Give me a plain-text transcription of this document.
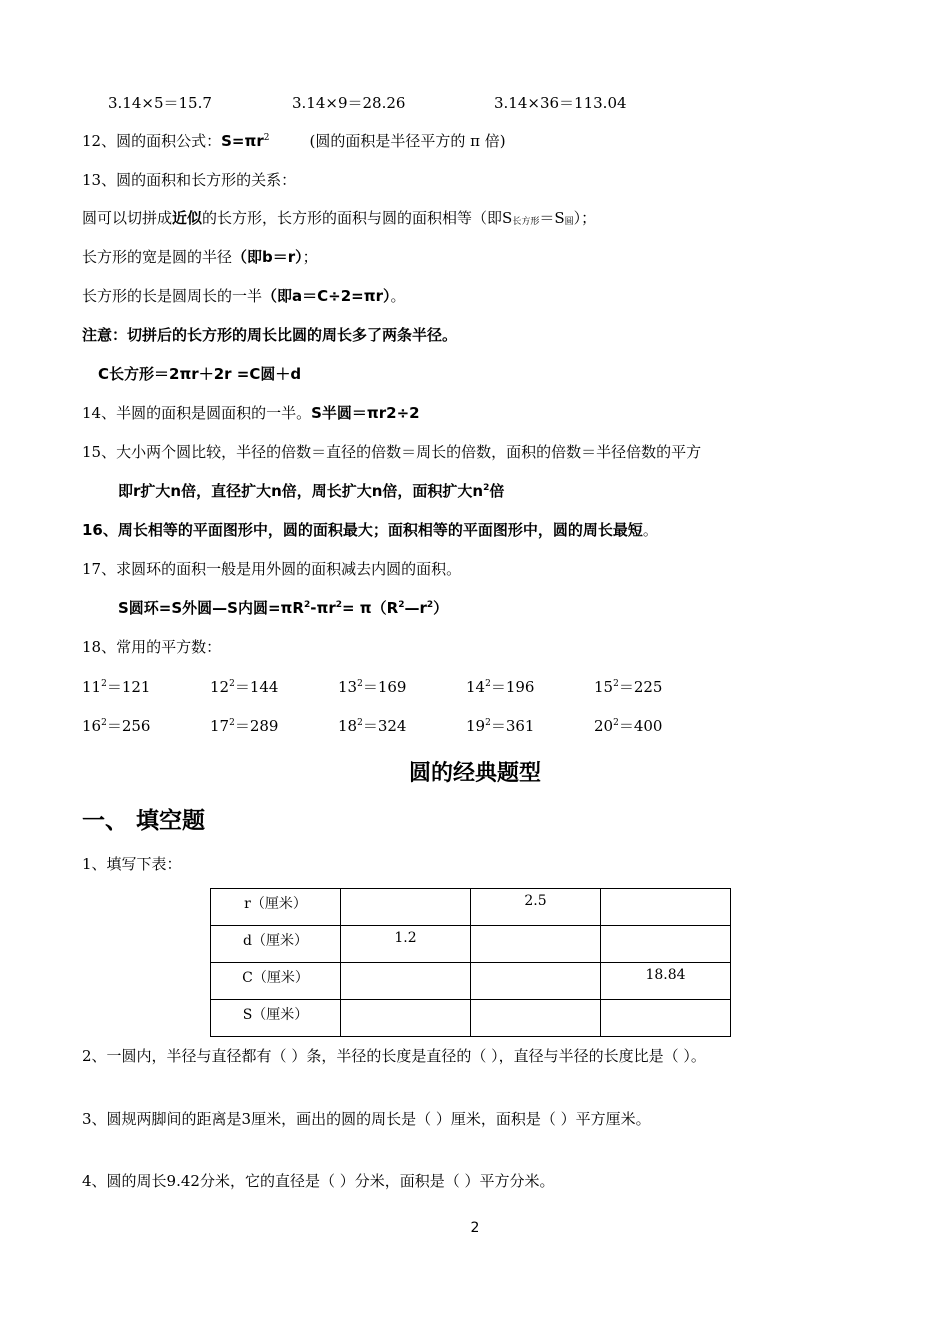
3.14×5＝15.7	3.14×9＝28.26	3.14×36＝113.04
12、圆的面积公式：$S=\pi r^2$	(圆的面积是半径平方的 π 倍)
13、圆的面积和长方形的关系：
圆可以切拼成近似的长方形，长方形的面积与圆的面积相等（即$S_{长方形}=S_圆$）；
长方形的宽是圆的半径（即b＝r）；
长方形的长是圆周长的一半（即a＝C÷2=πr）。
注意：切拼后的长方形的周长比圆的周长多了两条半径。
C长方形＝2πr＋2r =C圆＋d
14、半圆的面积是圆面积的一半。S半圆＝πr2÷2
15、大小两个圆比较，半径的倍数＝直径的倍数＝周长的倍数，面积的倍数＝半径倍数的平方
即r扩大n倍，直径扩大n倍，周长扩大n倍，面积扩大$n^2$倍
16、周长相等的平面图形中，圆的面积最大；面积相等的平面图形中，圆的周长最短。
17、求圆环的面积一般是用外圆的面积减去内圆的面积。
S圆环=S外圆—S内圆$=\pi R^2-\pi r^2=$ $\pi(R^2—r^2)$
18、常用的平方数：
$11^2=121$	$12^2=144$	$13^2=169$	$14^2=196$	$15^2=225$
$16^2=256$	$17^2=289$	$18^2=324$	$19^2=361$	$20^2=400$
圆的经典题型
一、 填空题
1、填写下表：
r（厘米）		2.5	
d（厘米）	1.2		
C（厘米）			18.84
S（厘米）			
2、一圆内，半径与直径都有（ ）条，半径的长度是直径的（ ），直径与半径的长度比是（ ）。
3、圆规两脚间的距离是3厘米，画出的圆的周长是（ ）厘米，面积是（ ）平方厘米。
4、圆的周长9.42分米，它的直径是（ ）分米，面积是（ ）平方分米。
2
